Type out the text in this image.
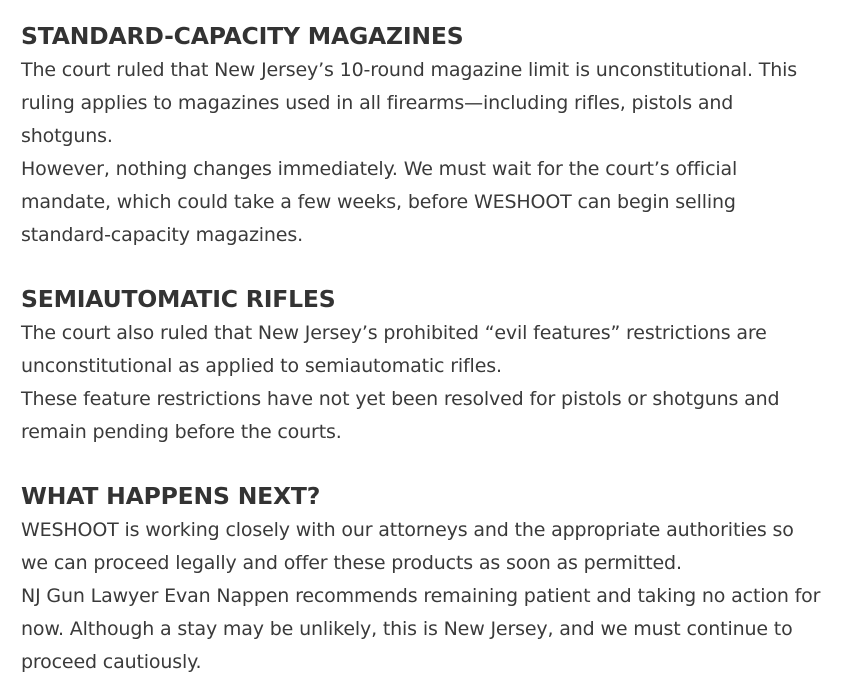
STANDARD-CAPACITY MAGAZINES

The court ruled that New Jersey’s 10-round magazine limit is unconstitutional. This ruling applies to magazines used in all firearms—including rifles, pistols and shotguns.

However, nothing changes immediately. We must wait for the court’s official mandate, which could take a few weeks, before WESHOOT can begin selling standard-capacity magazines.

SEMIAUTOMATIC RIFLES

The court also ruled that New Jersey’s prohibited “evil features” restrictions are unconstitutional as applied to semiautomatic rifles.

These feature restrictions have not yet been resolved for pistols or shotguns and remain pending before the courts.

WHAT HAPPENS NEXT?

WESHOOT is working closely with our attorneys and the appropriate authorities so we can proceed legally and offer these products as soon as permitted.

NJ Gun Lawyer Evan Nappen recommends remaining patient and taking no action for now. Although a stay may be unlikely, this is New Jersey, and we must continue to proceed cautiously.
